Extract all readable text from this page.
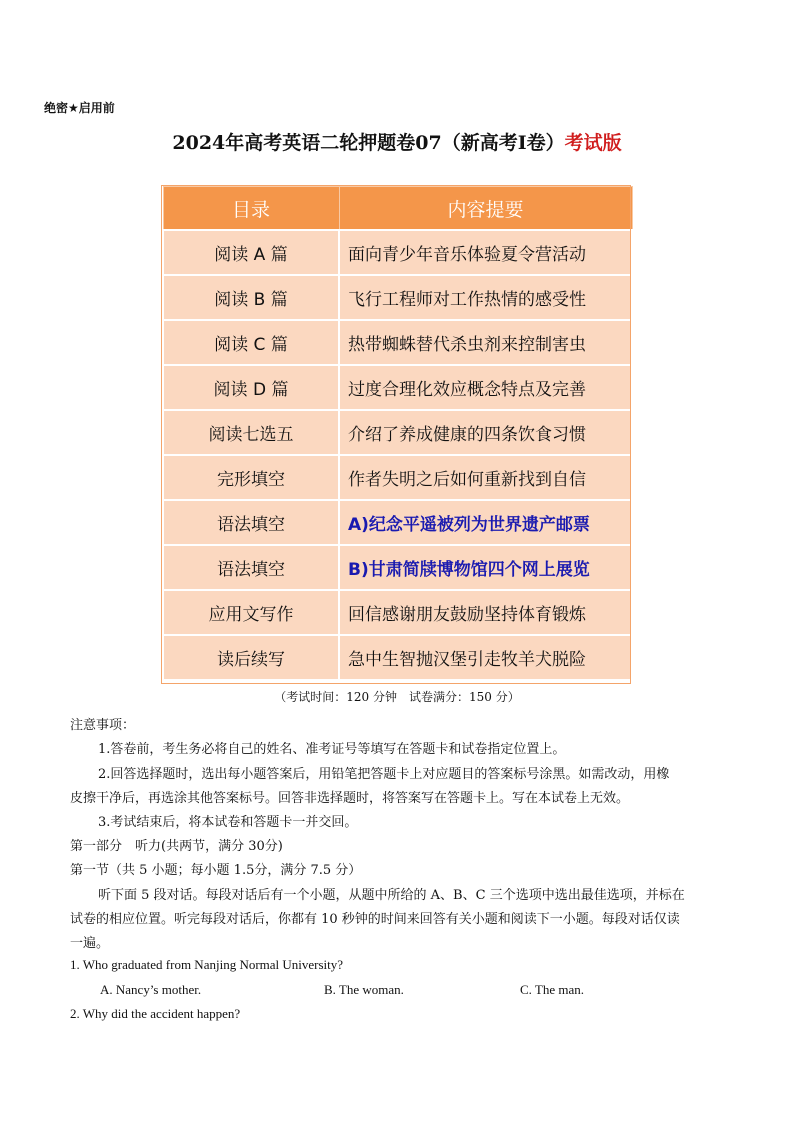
绝密★启用前
2024年高考英语二轮押题卷07（新高考I卷）考试版
目录	内容提要
阅读 A 篇	面向青少年音乐体验夏令营活动
阅读 B 篇	飞行工程师对工作热情的感受性
阅读 C 篇	热带蜘蛛替代杀虫剂来控制害虫
阅读 D 篇	过度合理化效应概念特点及完善
阅读七选五	介绍了养成健康的四条饮食习惯
完形填空	作者失明之后如何重新找到自信
语法填空	A)纪念平遥被列为世界遗产邮票
语法填空	B)甘肃简牍博物馆四个网上展览
应用文写作	回信感谢朋友鼓励坚持体育锻炼
读后续写	急中生智抛汉堡引走牧羊犬脱险
（考试时间：120 分钟　试卷满分：150 分）
注意事项：
1.答卷前，考生务必将自己的姓名、准考证号等填写在答题卡和试卷指定位置上。
2.回答选择题时，选出每小题答案后，用铅笔把答题卡上对应题目的答案标号涂黑。如需改动，用橡
皮擦干净后，再选涂其他答案标号。回答非选择题时，将答案写在答题卡上。写在本试卷上无效。
3.考试结束后，将本试卷和答题卡一并交回。
第一部分　听力(共两节，满分 30分)
第一节（共 5 小题；每小题 1.5分，满分 7.5 分）
听下面 5 段对话。每段对话后有一个小题，从题中所给的 A、B、C 三个选项中选出最佳选项，并标在
试卷的相应位置。听完每段对话后，你都有 10 秒钟的时间来回答有关小题和阅读下一小题。每段对话仅读
一遍。
1. Who graduated from Nanjing Normal University?
A. Nancy’s mother.	B. The woman.	C. The man.
2. Why did the accident happen?
